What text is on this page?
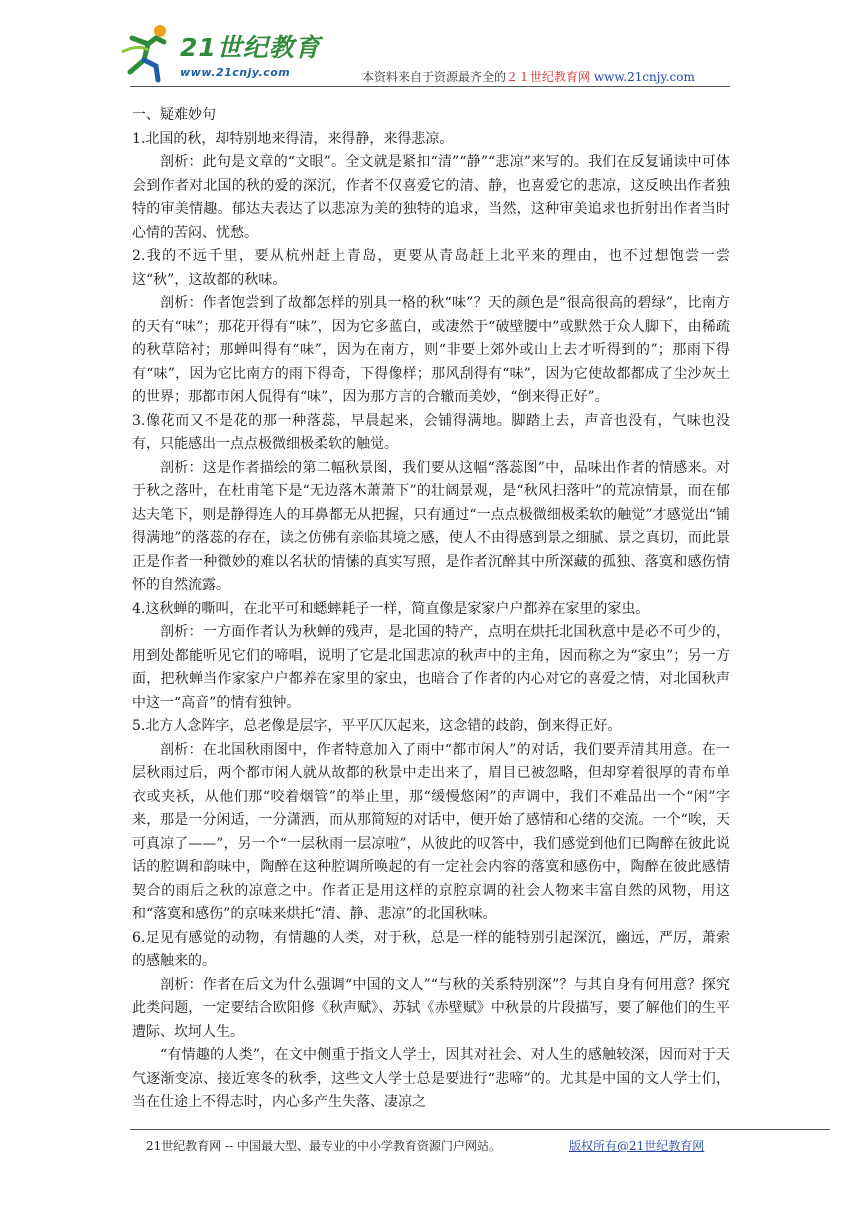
21世纪教育
www.21cnjy.com	本资料来自于资源最齐全的２１世纪教育网 www.21cnjy.com

一、疑难妙句

1.北国的秋，却特别地来得清，来得静，来得悲凉。

剖析：此句是文章的“文眼”。全文就是紧扣“清”“静”“悲凉”来写的。我们在反复诵读中可体会到作者对北国的秋的爱的深沉，作者不仅喜爱它的清、静，也喜爱它的悲凉，这反映出作者独特的审美情趣。郁达夫表达了以悲凉为美的独特的追求，当然，这种审美追求也折射出作者当时心情的苦闷、忧愁。

2.我的不远千里，要从杭州赶上青岛，更要从青岛赶上北平来的理由，也不过想饱尝一尝这“秋”，这故都的秋味。

剖析：作者饱尝到了故都怎样的别具一格的秋“味”？天的颜色是“很高很高的碧绿”，比南方的天有“味”；那花开得有“味”，因为它多蓝白，或凄然于“破壁腰中”或默然于众人脚下，由稀疏的秋草陪衬；那蝉叫得有“味”，因为在南方，则“非要上郊外或山上去才听得到的”；那雨下得有“味”，因为它比南方的雨下得奇，下得像样；那风刮得有“味”，因为它使故都都成了尘沙灰土的世界；那都市闲人侃得有“味”，因为那方言的合辙而美妙，“倒来得正好”。

3.像花而又不是花的那一种落蕊，早晨起来，会铺得满地。脚踏上去，声音也没有，气味也没有，只能感出一点点极微细极柔软的触觉。

剖析：这是作者描绘的第二幅秋景图，我们要从这幅“落蕊图”中，品味出作者的情感来。对于秋之落叶，在杜甫笔下是“无边落木萧萧下”的壮阔景观，是“秋风扫落叶”的荒凉情景，而在郁达夫笔下，则是静得连人的耳鼻都无从把握，只有通过“一点点极微细极柔软的触觉”才感觉出“铺得满地”的落蕊的存在，读之仿佛有亲临其境之感，使人不由得感到景之细腻、景之真切，而此景正是作者一种微妙的难以名状的情愫的真实写照，是作者沉醉其中所深藏的孤独、落寞和感伤情怀的自然流露。

4.这秋蝉的嘶叫，在北平可和蟋蟀耗子一样，简直像是家家户户都养在家里的家虫。

剖析：一方面作者认为秋蝉的残声，是北国的特产，点明在烘托北国秋意中是必不可少的，用到处都能听见它们的啼唱，说明了它是北国悲凉的秋声中的主角，因而称之为“家虫”；另一方面，把秋蝉当作家家户户都养在家里的家虫，也暗合了作者的内心对它的喜爱之情，对北国秋声中这一“高音”的情有独钟。

5.北方人念阵字，总老像是层字，平平仄仄起来，这念错的歧韵，倒来得正好。

剖析：在北国秋雨图中，作者特意加入了雨中“都市闲人”的对话，我们要弄清其用意。在一层秋雨过后，两个都市闲人就从故都的秋景中走出来了，眉目已被忽略，但却穿着很厚的青布单衣或夹袄，从他们那“咬着烟管”的举止里，那“缓慢悠闲”的声调中，我们不难品出一个“闲”字来，那是一分闲适，一分潇洒，而从那简短的对话中，便开始了感情和心绪的交流。一个“唉，天可真凉了——”，另一个“一层秋雨一层凉啦”，从彼此的叹答中，我们感觉到他们已陶醉在彼此说话的腔调和韵味中，陶醉在这种腔调所唤起的有一定社会内容的落寞和感伤中，陶醉在彼此感情契合的雨后之秋的凉意之中。作者正是用这样的京腔京调的社会人物来丰富自然的风物，用这和“落寞和感伤”的京味来烘托“清、静、悲凉”的北国秋味。

6.足见有感觉的动物，有情趣的人类，对于秋，总是一样的能特别引起深沉，幽远，严厉，萧索的感触来的。

剖析：作者在后文为什么强调“中国的文人”“与秋的关系特别深”？与其自身有何用意？探究此类问题，一定要结合欧阳修《秋声赋》、苏轼《赤壁赋》中秋景的片段描写，要了解他们的生平遭际、坎坷人生。

“有情趣的人类”，在文中侧重于指文人学士，因其对社会、对人生的感触较深，因而对于天气逐渐变凉、接近寒冬的秋季，这些文人学士总是要进行“悲啼”的。尤其是中国的文人学士们，当在仕途上不得志时，内心多产生失落、凄凉之

21世纪教育网 -- 中国最大型、最专业的中小学教育资源门户网站。	版权所有@21世纪教育网
